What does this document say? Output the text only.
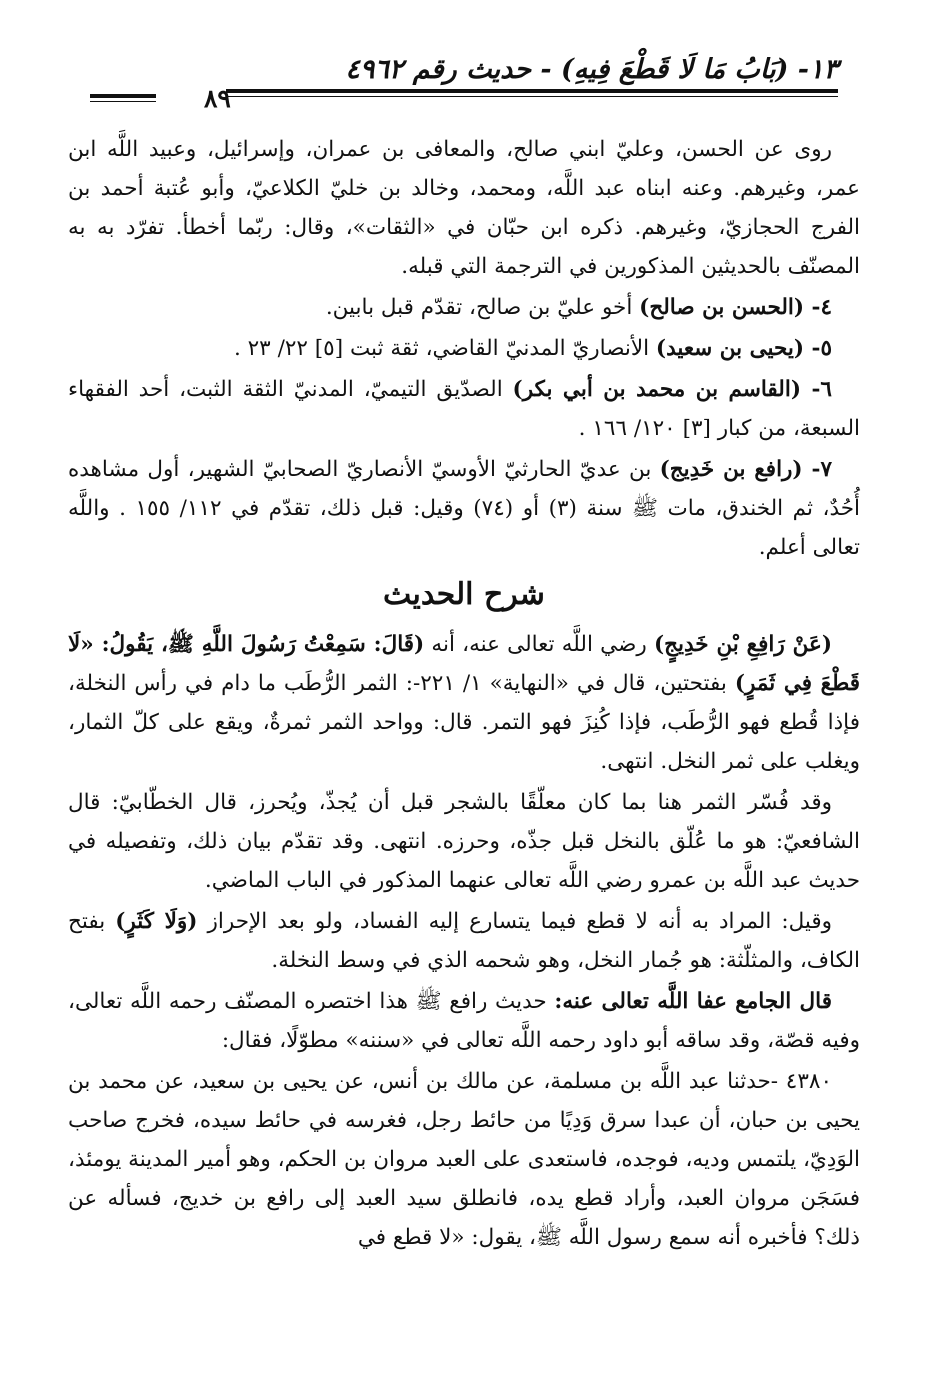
١٣- (بَابُ مَا لَا قَطْعَ فِيهِ) - حديث رقم ٤٩٦٢
٨٩

روى عن الحسن، وعليّ ابني صالح، والمعافى بن عمران، وإسرائيل، وعبيد اللَّه ابن عمر، وغيرهم. وعنه ابناه عبد اللَّه، ومحمد، وخالد بن خليّ الكلاعيّ، وأبو عُتبة أحمد بن الفرج الحجازيّ، وغيرهم. ذكره ابن حبّان في «الثقات»، وقال: ربّما أخطأ. تفرّد به به المصنّف بالحديثين المذكورين في الترجمة التي قبله.

٤- (الحسن بن صالح) أخو عليّ بن صالح، تقدّم قبل بابين.

٥- (يحيى بن سعيد) الأنصاريّ المدنيّ القاضي، ثقة ثبت [٥] ٢٢/ ٢٣ .

٦- (القاسم بن محمد بن أبي بكر) الصدّيق التيميّ، المدنيّ الثقة الثبت، أحد الفقهاء السبعة، من كبار [٣] ١٢٠/ ١٦٦ .

٧- (رافع بن خَدِيج) بن عديّ الحارثيّ الأوسيّ الأنصاريّ الصحابيّ الشهير، أول مشاهده أُحُدٌ، ثم الخندق، مات ﷺ سنة (٣) أو (٧٤) وقيل: قبل ذلك، تقدّم في ١١٢/ ١٥٥ . واللَّه تعالى أعلم.

شرح الحديث

(عَنْ رَافِعِ بْنِ خَدِيجٍ) رضي اللَّه تعالى عنه، أنه (قَالَ: سَمِعْتُ رَسُولَ اللَّهِ ﷺ، يَقُولُ: «لَا قَطْعَ فِي ثَمَرٍ) بفتحتين، قال في «النهاية» ١/ ٢٢١-: الثمر الرُّطَب ما دام في رأس النخلة، فإذا قُطع فهو الرُّطَب، فإذا كُنِزَ فهو التمر. قال: وواحد الثمر ثمرةٌ، ويقع على كلّ الثمار، ويغلب على ثمر النخل. انتهى.

وقد فُسّر الثمر هنا بما كان معلّقًا بالشجر قبل أن يُجذّ، ويُحرز، قال الخطّابيّ: قال الشافعيّ: هو ما عُلّق بالنخل قبل جذّه، وحرزه. انتهى. وقد تقدّم بيان ذلك، وتفصيله في حديث عبد اللَّه بن عمرو رضي اللَّه تعالى عنهما المذكور في الباب الماضي.

وقيل: المراد به أنه لا قطع فيما يتسارع إليه الفساد، ولو بعد الإحراز (وَلَا كَثَرٍ) بفتح الكاف، والمثلّثة: هو جُمار النخل، وهو شحمه الذي في وسط النخلة.

قال الجامع عفا اللَّه تعالى عنه: حديث رافع ﷺ هذا اختصره المصنّف رحمه اللَّه تعالى، وفيه قصّة، وقد ساقه أبو داود رحمه اللَّه تعالى في «سننه» مطوّلًا، فقال:

٤٣٨٠ -حدثنا عبد اللَّه بن مسلمة، عن مالك بن أنس، عن يحيى بن سعيد، عن محمد بن يحيى بن حبان، أن عبدا سرق وَدِيًا من حائط رجل، فغرسه في حائط سيده، فخرج صاحب الوَدِيّ، يلتمس وديه، فوجده، فاستعدى على العبد مروان بن الحكم، وهو أمير المدينة يومئذ، فسَجَن مروان العبد، وأراد قطع يده، فانطلق سيد العبد إلى رافع بن خديج، فسأله عن ذلك؟ فأخبره أنه سمع رسول اللَّه ﷺ، يقول: «لا قطع في
